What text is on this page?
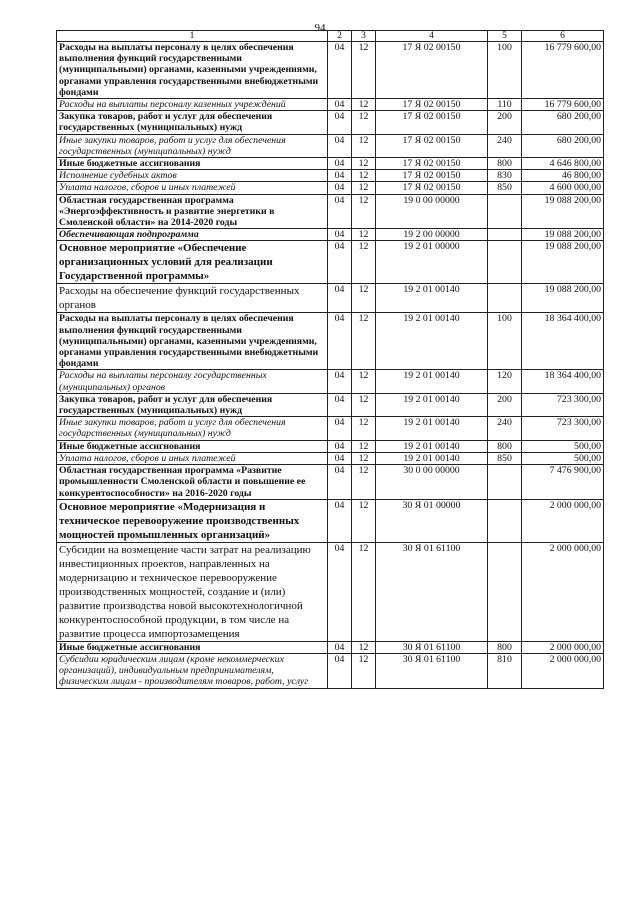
94
1	2	3	4	5	6
Расходы на выплаты персоналу в целях обеспечения выполнения функций государственными (муниципальными) органами, казенными учреждениями, органами управления государственными внебюджетными фондами	04	12	17 Я 02 00150	100	16 779 600,00
Расходы на выплаты персоналу казенных учреждений	04	12	17 Я 02 00150	110	16 779 600,00
Закупка товаров, работ и услуг для обеспечения государственных (муниципальных) нужд	04	12	17 Я 02 00150	200	680 200,00
Иные закупки товаров, работ и услуг для обеспечения государственных (муниципальных) нужд	04	12	17 Я 02 00150	240	680 200,00
Иные бюджетные ассигнования	04	12	17 Я 02 00150	800	4 646 800,00
Исполнение судебных актов	04	12	17 Я 02 00150	830	46 800,00
Уплата налогов, сборов и иных платежей	04	12	17 Я 02 00150	850	4 600 000,00
Областная государственная программа «Энергоэффективность и развитие энергетики в Смоленской области» на 2014-2020 годы	04	12	19 0 00 00000		19 088 200,00
Обеспечивающая подпрограмма	04	12	19 2 00 00000		19 088 200,00
Основное мероприятие «Обеспечение организационных условий для реализации Государственной программы»	04	12	19 2 01 00000		19 088 200,00
Расходы на обеспечение функций государственных органов	04	12	19 2 01 00140		19 088 200,00
Расходы на выплаты персоналу в целях обеспечения выполнения функций государственными (муниципальными) органами, казенными учреждениями, органами управления государственными внебюджетными фондами	04	12	19 2 01 00140	100	18 364 400,00
Расходы на выплаты персоналу государственных (муниципальных) органов	04	12	19 2 01 00140	120	18 364 400,00
Закупка товаров, работ и услуг для обеспечения государственных (муниципальных) нужд	04	12	19 2 01 00140	200	723 300,00
Иные закупки товаров, работ и услуг для обеспечения государственных (муниципальных) нужд	04	12	19 2 01 00140	240	723 300,00
Иные бюджетные ассигнования	04	12	19 2 01 00140	800	500,00
Уплата налогов, сборов и иных платежей	04	12	19 2 01 00140	850	500,00
Областная государственная программа «Развитие промышленности Смоленской области и повышение ее конкурентоспособности» на 2016-2020 годы	04	12	30 0 00 00000		7 476 900,00
Основное мероприятие «Модернизация и техническое перевооружение производственных мощностей промышленных организаций»	04	12	30 Я 01 00000		2 000 000,00
Субсидии на возмещение части затрат на реализацию инвестиционных проектов, направленных на модернизацию и техническое перевооружение производственных мощностей, создание и (или) развитие производства новой высокотехнологичной конкурентоспособной продукции, в том числе на развитие процесса импортозамещения	04	12	30 Я 01 61100		2 000 000,00
Иные бюджетные ассигнования	04	12	30 Я 01 61100	800	2 000 000,00
Субсидии юридическим лицам (кроме некоммерческих организаций), индивидуальным предпринимателям, физическим лицам - производителям товаров, работ, услуг	04	12	30 Я 01 61100	810	2 000 000,00
